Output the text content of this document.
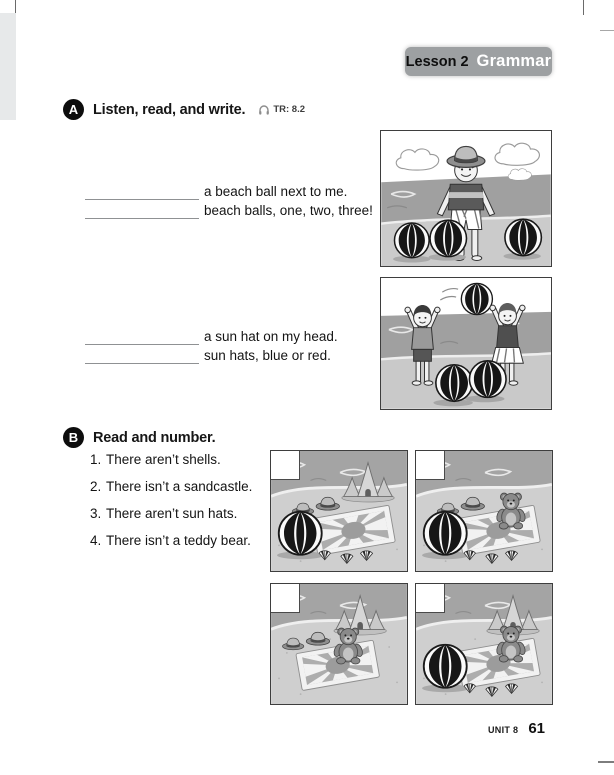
Lesson 2 Grammar
A	Listen, read, and write.	TR: 8.2
a beach ball next to me.
beach balls, one, two, three!
a sun hat on my head.
sun hats, blue or red.
B	Read and number.
1. There aren’t shells.
2. There isn’t a sandcastle.
3. There aren’t sun hats.
4. There isn’t a teddy bear.
UNIT 8 61
